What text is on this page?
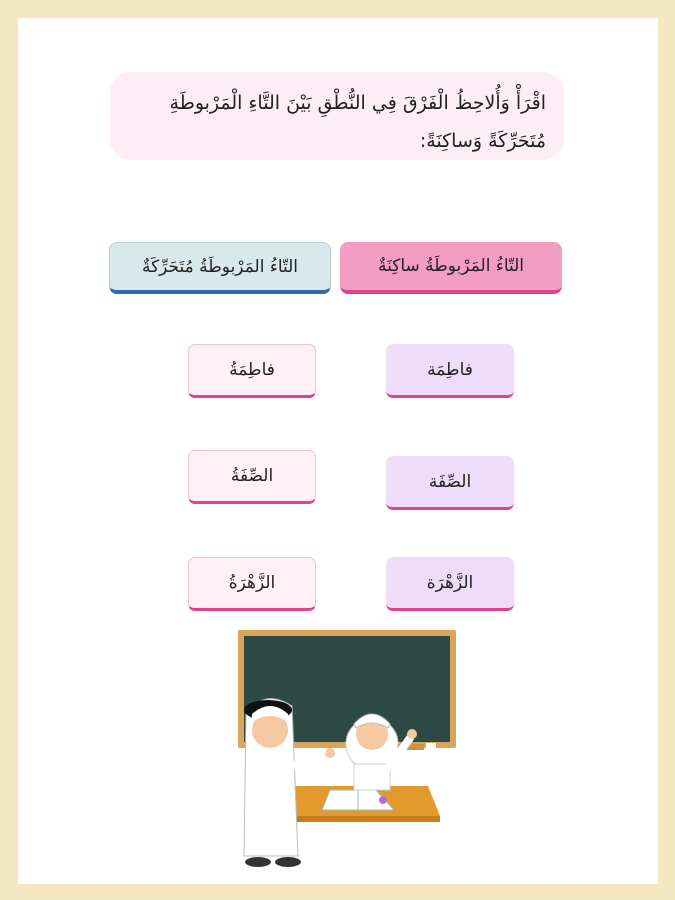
اقْرَأْ وَأُلاحِظُ الْفَرْقَ فِي النُّطْقِ بَيْنَ التَّاءِ الْمَرْبوطَةِ مُتَحَرِّكَةً وَساكِنَةً:
التّاءُ المَرْبوطَةُ ساكِنَةٌ
التّاءُ المَرْبوطَةُ مُتَحَرِّكَةٌ
فاطِمَة
فاطِمَةُ
الصِّفَة
الصِّفَةُ
الزَّهْرَة
الزَّهْرَةُ
